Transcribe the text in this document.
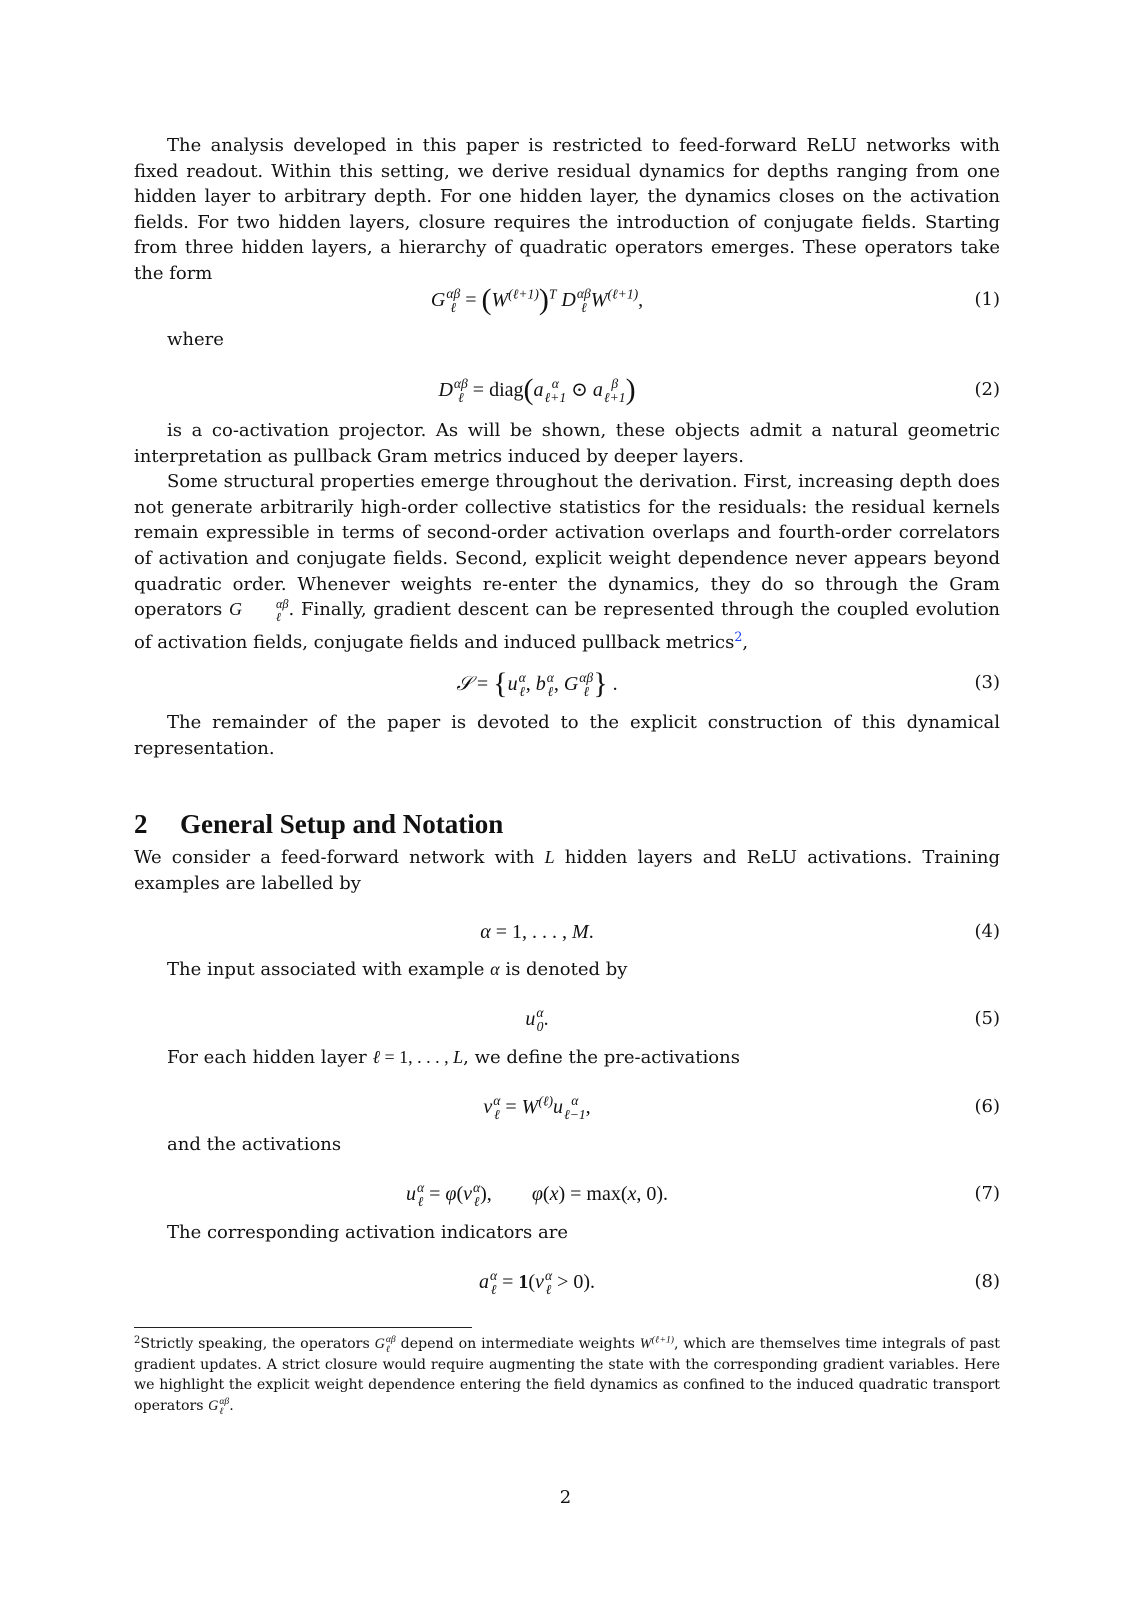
The analysis developed in this paper is restricted to feed-forward ReLU networks with fixed readout. Within this setting, we derive residual dynamics for depths ranging from one hidden layer to arbitrary depth. For one hidden layer, the dynamics closes on the activation fields. For two hidden layers, closure requires the introduction of conjugate fields. Starting from three hidden layers, a hierarchy of quadratic operators emerges. These operators take the form

G αβ
ℓ = $(W^{(\ell+1)})^T$ D αβ
ℓ $W^{(\ell+1)}$,	(1)

where

D αβ
ℓ = diag(a α
ℓ+1 ⊙ a β
ℓ+1 )	(2)

is a co-activation projector. As will be shown, these objects admit a natural geometric interpretation as pullback Gram metrics induced by deeper layers.

Some structural properties emerge throughout the derivation. First, increasing depth does not generate arbitrarily high-order collective statistics for the residuals: the residual kernels remain expressible in terms of second-order activation overlaps and fourth-order correlators of activation and conjugate fields. Second, explicit weight dependence never appears beyond quadratic order. Whenever weights re-enter the dynamics, they do so through the Gram operators G	αβ
ℓ . Finally, gradient descent can be represented through the coupled evolution of activation fields, conjugate fields and induced pullback metrics$^2$,

𝒮 = {u α
ℓ , b α
ℓ , G αβ
ℓ } .	(3)

The remainder of the paper is devoted to the explicit construction of this dynamical representation.

2 General Setup and Notation

We consider a feed-forward network with L hidden layers and ReLU activations. Training examples are labelled by

α = 1, . . . , M.	(4)

The input associated with example α is denoted by

u α
0 .	(5)

For each hidden layer ℓ = 1, . . . , L, we define the pre-activations

v α
ℓ = $W^{(\ell)}u$ α
ℓ−1 ,	(6)

and the activations

u α
ℓ = φ(v α
ℓ ),        φ(x) = max(x, 0).	(7)

The corresponding activation indicators are

a α
ℓ = 1(v α
ℓ > 0).	(8)

$^2$Strictly speaking, the operators G αβ
ℓ depend on intermediate weights $W^{(\ell+1)}$, which are themselves time integrals of past gradient updates. A strict closure would require augmenting the state with the corresponding gradient variables. Here we highlight the explicit weight dependence entering the field dynamics as confined to the induced quadratic transport operators G αβ
ℓ .

2
